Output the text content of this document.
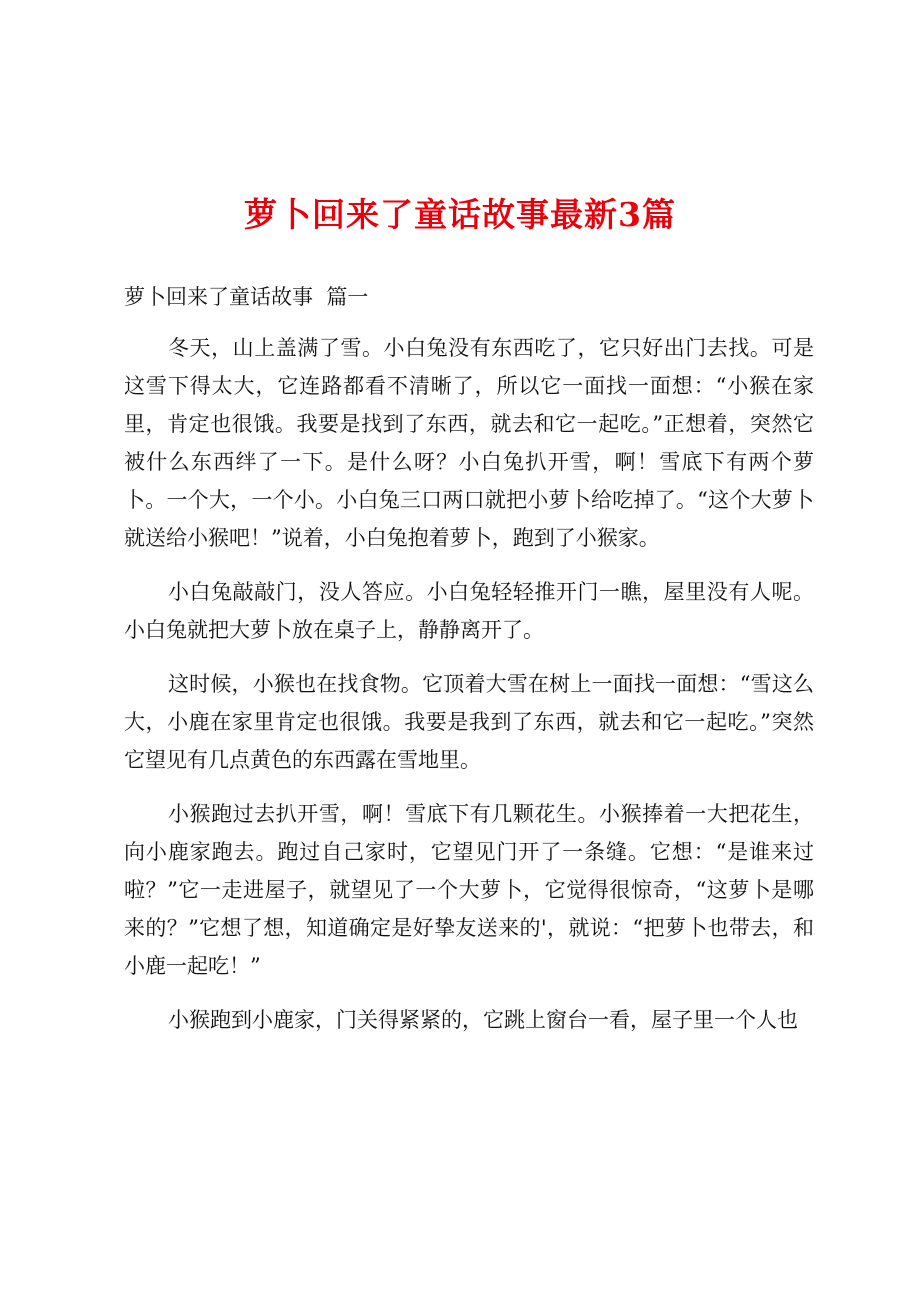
萝卜回来了童话故事最新3篇

萝卜回来了童话故事  篇一

冬天，山上盖满了雪。小白兔没有东西吃了，它只好出门去找。可是这雪下得太大，它连路都看不清晰了，所以它一面找一面想：“小猴在家里，肯定也很饿。我要是找到了东西，就去和它一起吃。”正想着，突然它被什么东西绊了一下。是什么呀？小白兔扒开雪，啊！雪底下有两个萝卜。一个大，一个小。小白兔三口两口就把小萝卜给吃掉了。“这个大萝卜就送给小猴吧！”说着，小白兔抱着萝卜，跑到了小猴家。

小白兔敲敲门，没人答应。小白兔轻轻推开门一瞧，屋里没有人呢。小白兔就把大萝卜放在桌子上，静静离开了。

这时候，小猴也在找食物。它顶着大雪在树上一面找一面想：“雪这么大，小鹿在家里肯定也很饿。我要是我到了东西，就去和它一起吃。”突然它望见有几点黄色的东西露在雪地里。

小猴跑过去扒开雪，啊！雪底下有几颗花生。小猴捧着一大把花生，向小鹿家跑去。跑过自己家时，它望见门开了一条缝。它想：“是谁来过啦？”它一走进屋子，就望见了一个大萝卜，它觉得很惊奇，“这萝卜是哪来的？”它想了想，知道确定是好挚友送来的'，就说：“把萝卜也带去，和小鹿一起吃！”

小猴跑到小鹿家，门关得紧紧的，它跳上窗台一看，屋子里一个人也
